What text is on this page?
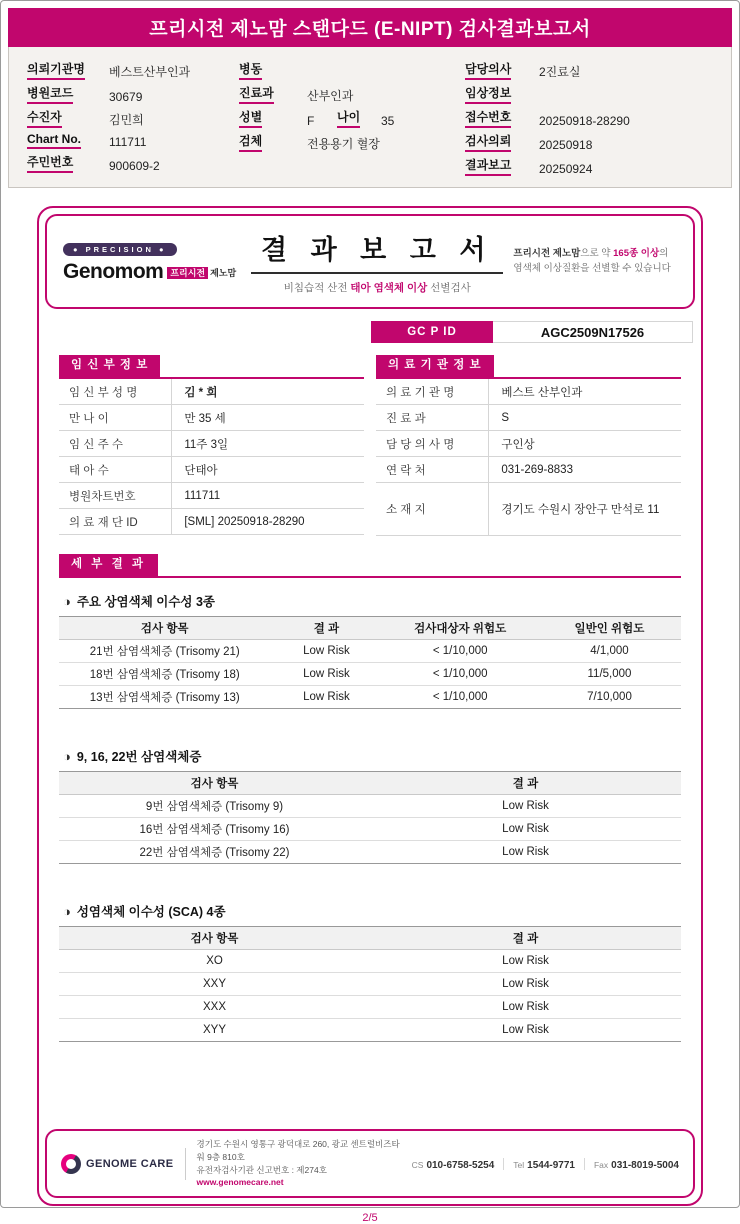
프리시전 제노맘 스탠다드 (E-NIPT) 검사결과보고서
의뢰기관명	베스트산부인과
병원코드	30679
수진자	김민희
Chart No.	111711
주민번호	900609-2
병동
진료과	산부인과
성별	F	나이	35
검체	전용용기 혈장
담당의사	2진료실
임상정보
접수번호	20250918-28290
검사의뢰	20250918
결과보고	20250924
● PRECISION ●
Genomom 프리시전 제노맘
결 과 보 고 서
비침습적 산전 태아 염색체 이상 선별검사
프리시전 제노맘으로 약 165종 이상의
염색체 이상질환을 선별할 수 있습니다
GC P ID	AGC2509N17526
임 신 부 정 보
임 신 부 성 명	김 * 희
만 나 이	만 35 세
임 신 주 수	11주 3일
태 아 수	단태아
병원차트번호	111711
의 료 재 단 ID	[SML] 20250918-28290
의 료 기 관 정 보
의 료 기 관 명	베스트 산부인과
진 료 과	S
담 당 의 사 명	구인상
연 락 처	031-269-8833
소 재 지	경기도 수원시 장안구 만석로 11
세 부 결 과
◑ 주요 상염색체 이수성 3종
검사 항목	결 과	검사대상자 위험도	일반인 위험도
21번 삼염색체증 (Trisomy 21)	Low Risk	< 1/10,000	4/1,000
18번 삼염색체증 (Trisomy 18)	Low Risk	< 1/10,000	11/5,000
13번 삼염색체증 (Trisomy 13)	Low Risk	< 1/10,000	7/10,000
◑ 9, 16, 22번 삼염색체증
검사 항목	결 과
9번 삼염색체증 (Trisomy 9)	Low Risk
16번 삼염색체증 (Trisomy 16)	Low Risk
22번 삼염색체증 (Trisomy 22)	Low Risk
◑ 성염색체 이수성 (SCA) 4종
검사 항목	결 과
XO	Low Risk
XXY	Low Risk
XXX	Low Risk
XYY	Low Risk
GENOME CARE
경기도 수원시 영통구 광덕대로 260, 광교 센트럴비즈타워 9층 810호
유전자검사기관 신고번호 : 제274호
www.genomecare.net
CS 010-6758-5254 Tel 1544-9771 Fax 031-8019-5004
2/5
